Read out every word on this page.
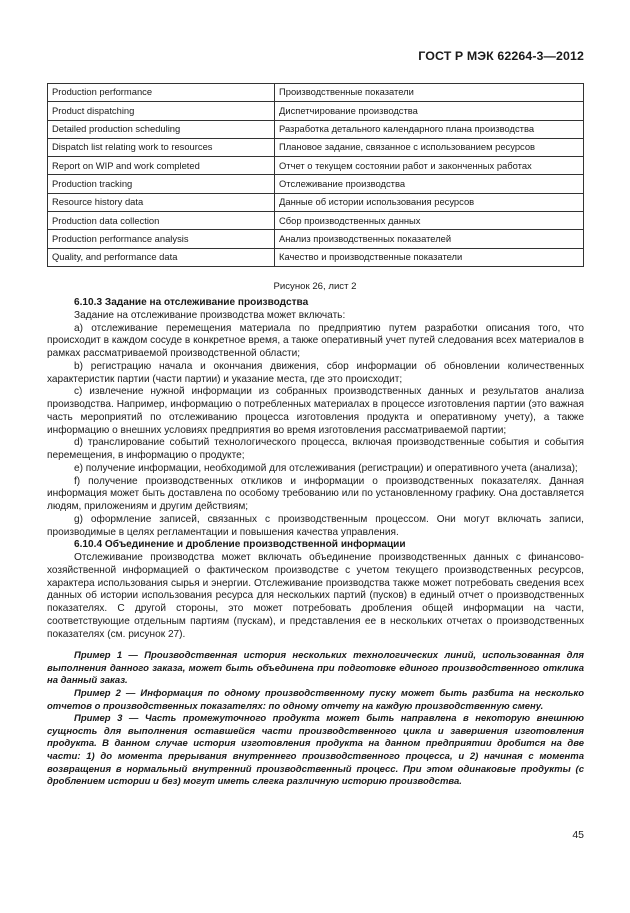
ГОСТ Р МЭК 62264-3—2012
Production performance	Производственные показатели
Product dispatching	Диспетчирование производства
Detailed production scheduling	Разработка детального календарного плана производства
Dispatch list relating work to resources	Плановое задание, связанное с использованием ресурсов
Report on WIP and work completed	Отчет о текущем состоянии работ и законченных работах
Production tracking	Отслеживание производства
Resource history data	Данные об истории использования ресурсов
Production data collection	Сбор производственных данных
Production performance analysis	Анализ производственных показателей
Quality, and performance data	Качество и производственные показатели
Рисунок 26, лист 2

6.10.3 Задание на отслеживание производства

Задание на отслеживание производства может включать:

а) отслеживание перемещения материала по предприятию путем разработки описания того, что происходит в каждом сосуде в конкретное время, а также оперативный учет путей следования всех материалов в рамках рассматриваемой производственной области;

b) регистрацию начала и окончания движения, сбор информации об обновлении количественных характеристик партии (части партии) и указание места, где это происходит;

с) извлечение нужной информации из собранных производственных данных и результатов анализа производства. Например, информацию о потребленных материалах в процессе изготовления партии (это важная часть мероприятий по отслеживанию процесса изготовления продукта и оперативному учету), а также информацию о внешних условиях предприятия во время изготовления рассматриваемой партии;

d) транслирование событий технологического процесса, включая производственные события и события перемещения, в информацию о продукте;

е) получение информации, необходимой для отслеживания (регистрации) и оперативного учета (анализа);

f) получение производственных откликов и информации о производственных показателях. Данная информация может быть доставлена по особому требованию или по установленному графику. Она доставляется людям, приложениям и другим действиям;

g) оформление записей, связанных с производственным процессом. Они могут включать записи, производимые в целях регламентации и повышения качества управления.

6.10.4 Объединение и дробление производственной информации

Отслеживание производства может включать объединение производственных данных с финансово-хозяйственной информацией о фактическом производстве с учетом текущего производственных ресурсов, характера использования сырья и энергии. Отслеживание производства также может потребовать сведения всех данных об истории использования ресурса для нескольких партий (пусков) в единый отчет о производственных показателях. С другой стороны, это может потребовать дробления общей информации на части, соответствующие отдельным партиям (пускам), и представления ее в нескольких отчетах о производственных показателях (см. рисунок 27).

Пример 1 — Производственная история нескольких технологических линий, использованная для выполнения данного заказа, может быть объединена при подготовке единого производственного отклика на данный заказ.

Пример 2 — Информация по одному производственному пуску может быть разбита на несколько отчетов о производственных показателях: по одному отчету на каждую производственную смену.

Пример 3 — Часть промежуточного продукта может быть направлена в некоторую внешнюю сущность для выполнения оставшейся части производственного цикла и завершения изготовления продукта. В данном случае история изготовления продукта на данном предприятии дробится на две части: 1) до момента прерывания внутреннего производственного процесса, и 2) начиная с момента возвращения в нормальный внутренний производственный процесс. При этом одинаковые продукты (с дроблением истории и без) могут иметь слегка различную историю производства.

45
